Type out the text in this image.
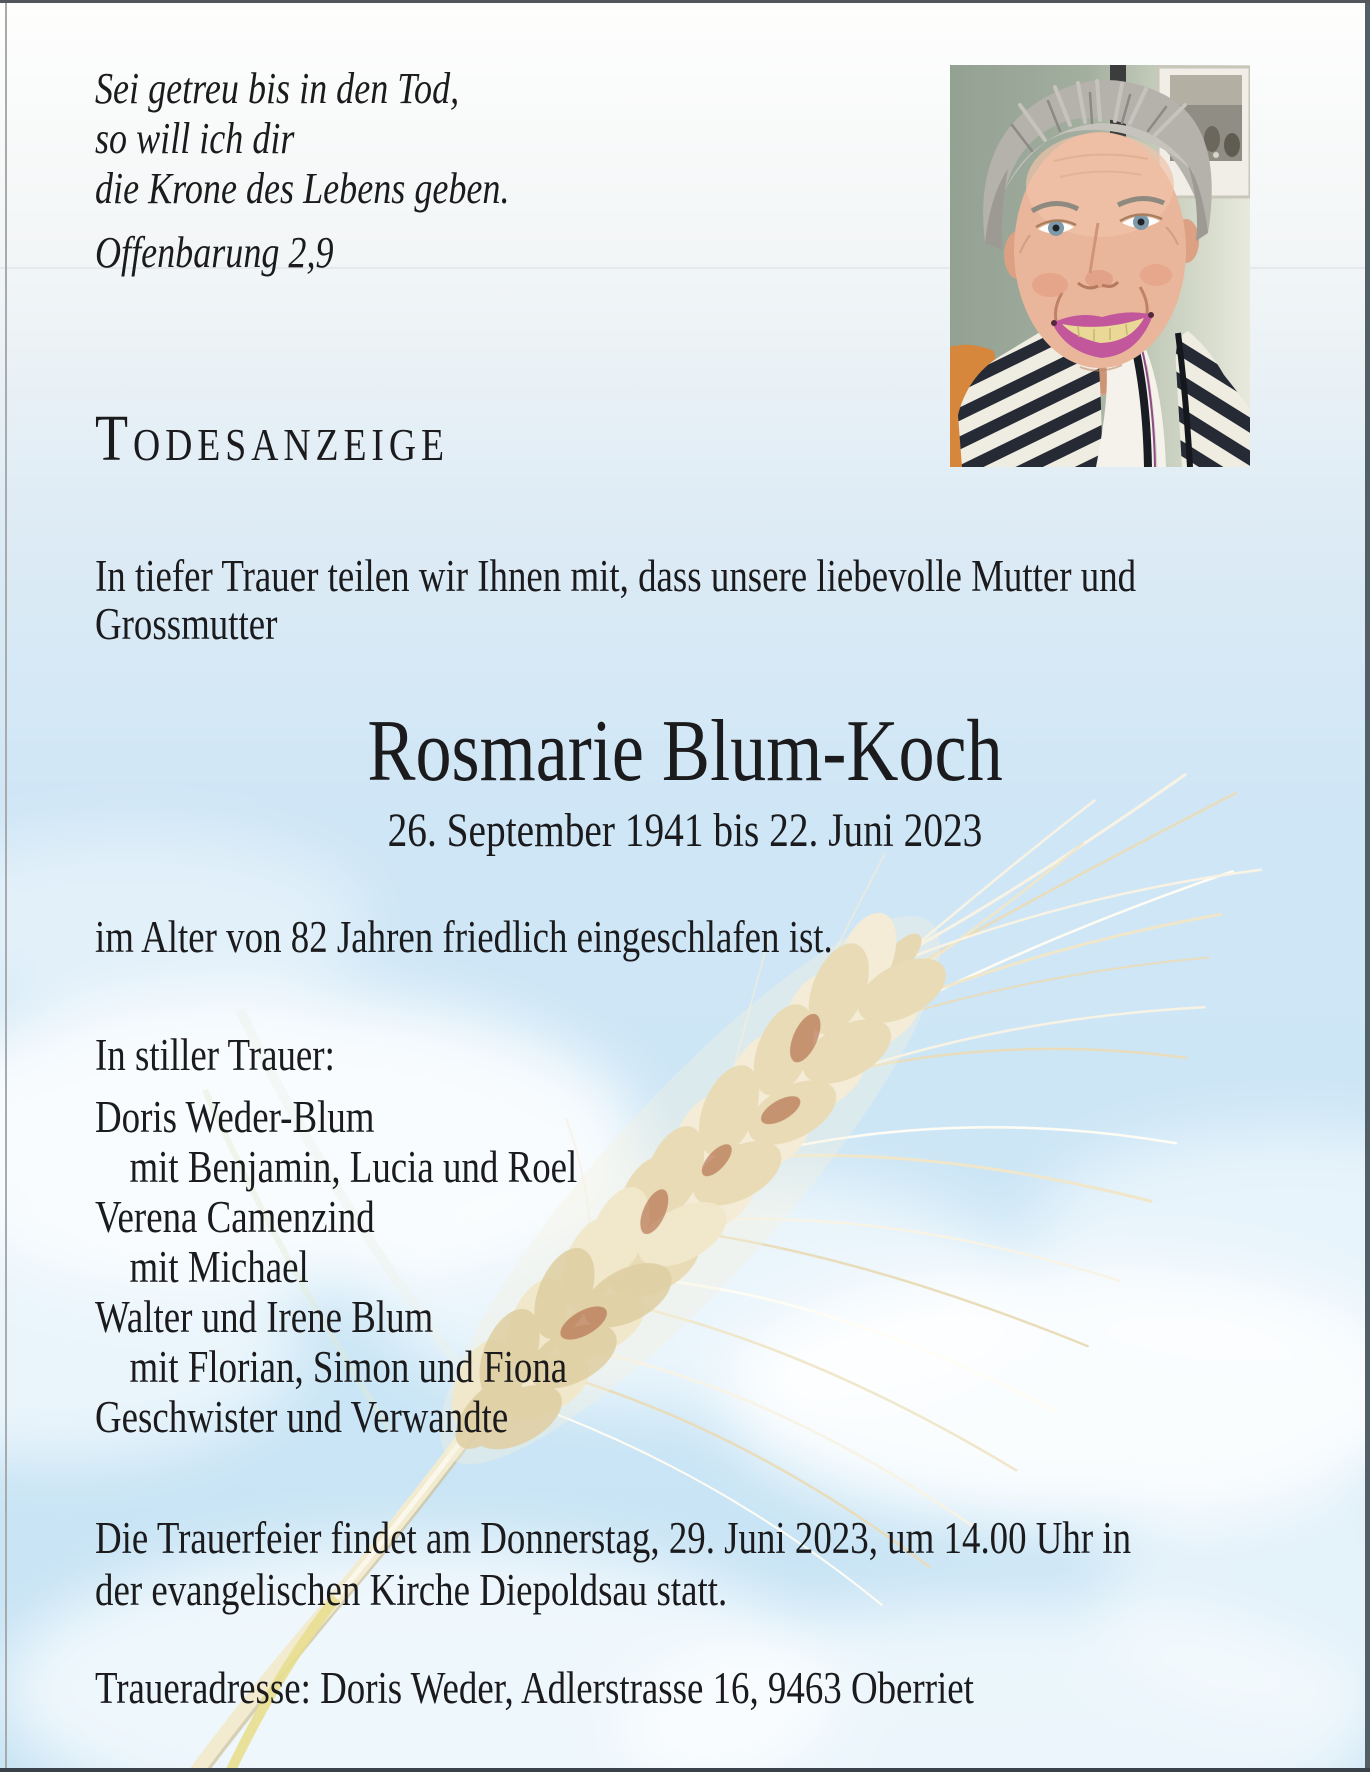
Sei getreu bis in den Tod,
so will ich dir
die Krone des Lebens geben.
Offenbarung 2,9
Todesanzeige
In tiefer Trauer teilen wir Ihnen mit, dass unsere liebevolle Mutter und
Grossmutter
Rosmarie Blum-Koch
26. September 1941 bis 22. Juni 2023
im Alter von 82 Jahren friedlich eingeschlafen ist.
In stiller Trauer:
Doris Weder-Blum
mit Benjamin, Lucia und Roel
Verena Camenzind
mit Michael
Walter und Irene Blum
mit Florian, Simon und Fiona
Geschwister und Verwandte
Die Trauerfeier findet am Donnerstag, 29. Juni 2023, um 14.00 Uhr in
der evangelischen Kirche Diepoldsau statt.
Traueradresse: Doris Weder, Adlerstrasse 16, 9463 Oberriet
